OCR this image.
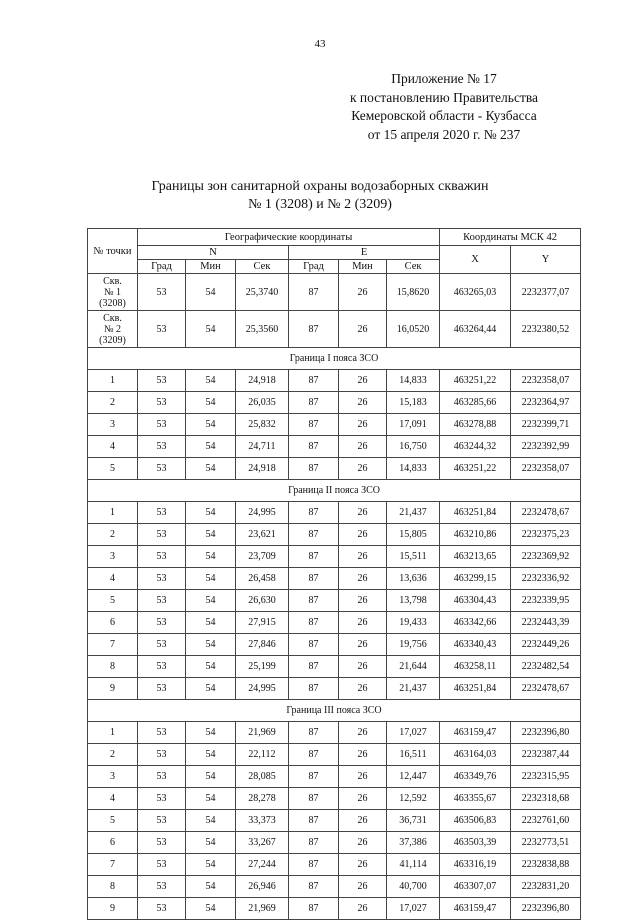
43
Приложение № 17
к постановлению Правительства
Кемеровской области - Кузбасса
от 15 апреля 2020 г. № 237
Границы зон санитарной охраны водозаборных скважин
№ 1 (3208) и № 2 (3209)
№ точки	Географические координаты						Координаты МСК 42	
	N			E			X	Y
	Град	Мин	Сек	Град	Мин	Сек		

Скв.
№ 1
(3208)	53	54	25,3740	87	26	15,8620	463265,03	2232377,07

Скв.
№ 2
(3209)	53	54	25,3560	87	26	16,0520	463264,44	2232380,52
Граница I пояса ЗСО								
1	53	54	24,918	87	26	14,833	463251,22	2232358,07
2	53	54	26,035	87	26	15,183	463285,66	2232364,97
3	53	54	25,832	87	26	17,091	463278,88	2232399,71
4	53	54	24,711	87	26	16,750	463244,32	2232392,99
5	53	54	24,918	87	26	14,833	463251,22	2232358,07
Граница II пояса ЗСО								
1	53	54	24,995	87	26	21,437	463251,84	2232478,67
2	53	54	23,621	87	26	15,805	463210,86	2232375,23
3	53	54	23,709	87	26	15,511	463213,65	2232369,92
4	53	54	26,458	87	26	13,636	463299,15	2232336,92
5	53	54	26,630	87	26	13,798	463304,43	2232339,95
6	53	54	27,915	87	26	19,433	463342,66	2232443,39
7	53	54	27,846	87	26	19,756	463340,43	2232449,26
8	53	54	25,199	87	26	21,644	463258,11	2232482,54
9	53	54	24,995	87	26	21,437	463251,84	2232478,67
Граница III пояса ЗСО								
1	53	54	21,969	87	26	17,027	463159,47	2232396,80
2	53	54	22,112	87	26	16,511	463164,03	2232387,44
3	53	54	28,085	87	26	12,447	463349,76	2232315,95
4	53	54	28,278	87	26	12,592	463355,67	2232318,68
5	53	54	33,373	87	26	36,731	463506,83	2232761,60
6	53	54	33,267	87	26	37,386	463503,39	2232773,51
7	53	54	27,244	87	26	41,114	463316,19	2232838,88
8	53	54	26,946	87	26	40,700	463307,07	2232831,20
9	53	54	21,969	87	26	17,027	463159,47	2232396,80
